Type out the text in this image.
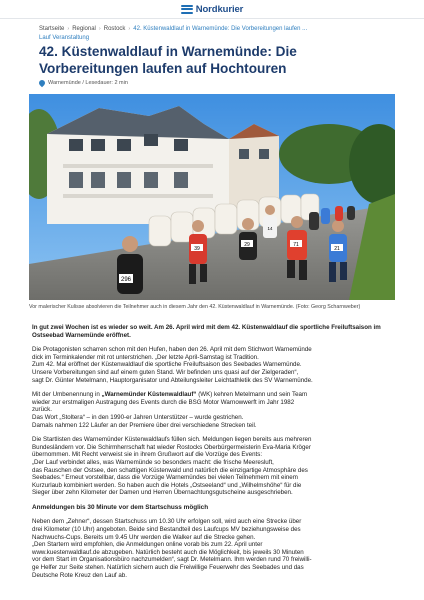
Nordkurier
Startseite › Regional › Rostock › 42. Küstenwaldlauf in Warnemünde: Die Vorbereitungen laufen ...
Lauf Veranstaltung
42. Küstenwaldlauf in Warnemünde: Die Vorbereitungen laufen auf Hochtouren
Warnemünde / Lesedauer: 2 min
296
39
29	71
21
14
Vor malerischer Kulisse absolvieren die Teilnehmer auch in diesem Jahr den 42. Küstenwaldlauf in Warnemünde. (Foto: Georg Scharnweber)

In gut zwei Wochen ist es wieder so weit. Am 26. April wird mit dem 42. Küstenwaldlauf die sportliche Freiluftsaison im Ostseebad Warnemünde eröffnet.

Die Protagonisten scharren schon mit den Hufen, haben den 26. April mit dem Stichwort Warnemünde
dick im Terminkalender mit rot unterstrichen. „Der letzte April-Samstag ist Tradition.
Zum 42. Mal eröffnet der Küstenwaldlauf die sportliche Freiluftsaison des Seebades Warnemünde.
Unsere Vorbereitungen sind auf einem guten Stand. Wir befinden uns quasi auf der Zielgeraden“,
sagt Dr. Günter Metelmann, Hauptorganisator und Abteilungsleiter Leichtathletik des SV Warnemünde.

Mit der Umbenennung in „Warnemünder Küstenwaldlauf“ (WK) kehren Metelmann und sein Team
wieder zur erstmaligen Austragung des Events durch die BSG Motor Warnowwerft im Jahr 1982
zurück.
Das Wort „Stoltera“ – in den 1990-er Jahren Unterstützer – wurde gestrichen.
Damals nahmen 122 Läufer an der Premiere über drei verschiedene Strecken teil.

Die Startlisten des Warnemünder Küstenwaldlaufs füllen sich. Meldungen liegen bereits aus mehreren
Bundesländern vor. Die Schirmherrschaft hat wieder Rostocks Oberbürgermeisterin Eva-Maria Kröger
übernommen. Mit Recht verweist sie in ihrem Grußwort auf die Vorzüge des Events:
„Der Lauf verbindet alles, was Warnemünde so besonders macht: die frische Meeresluft,
das Rauschen der Ostsee, den schattigen Küstenwald und natürlich die einzigartige Atmosphäre des
Seebades.“ Erneut vorstellbar, dass die Vorzüge Warnemündes bei vielen Teilnehmern mit einem
Kurzurlaub kombiniert werden. So haben auch die Hotels „Ostseeland“ und „Wilhelmshöhe“ für die
Sieger über zehn Kilometer der Damen und Herren Übernachtungsgutscheine ausgeschrieben.

Anmeldungen bis 30 Minute vor dem Startschuss möglich

Neben dem „Zehner“, dessen Startschuss um 10.30 Uhr erfolgen soll, wird auch eine Strecke über
drei Kilometer (10 Uhr) angeboten. Beide sind Bestandteil des Laufcups MV beziehungsweise des
Nachwuchs-Cups. Bereits um 9.45 Uhr werden die Walker auf die Strecke gehen.
„Den Startern wird empfohlen, die Anmeldungen online vorab bis zum 22. April unter
www.kuestenwaldlauf.de abzugeben. Natürlich besteht auch die Möglichkeit, bis jeweils 30 Minuten
vor dem Start im Organisationsbüro nachzumelden“, sagt Dr. Metelmann. Ihm werden rund 70 freiwilli-
ge Helfer zur Seite stehen. Natürlich sichern auch die Freiwillige Feuerwehr des Seebades und das
Deutsche Rote Kreuz den Lauf ab.
